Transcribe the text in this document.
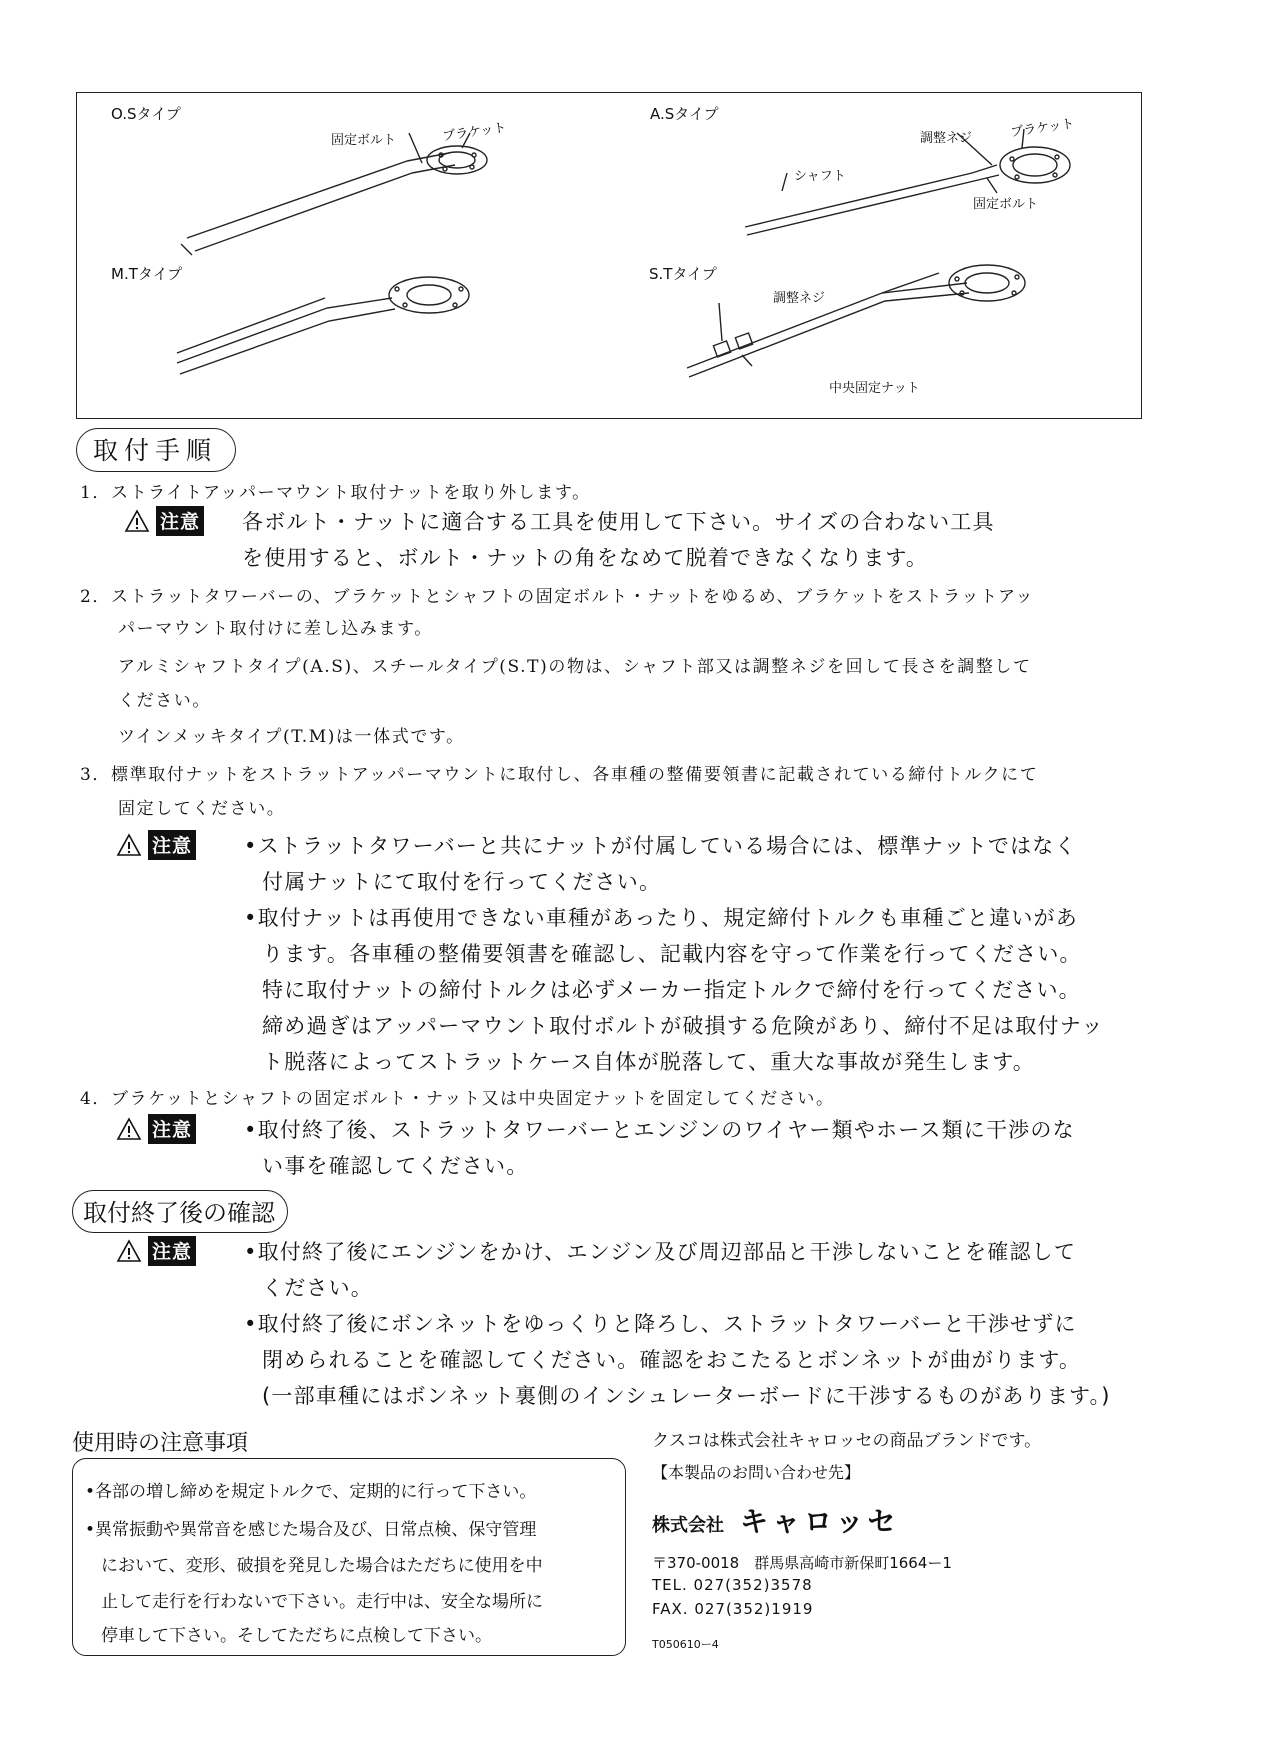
O.Sタイプ
固定ボルト	ブラケット
A.Sタイプ
調整ネジ	ブラケット
シャフト
固定ボルト
M.Tタイプ	S.Tタイプ
調整ネジ
中央固定ナット
取付手順
1．ストライトアッパーマウント取付ナットを取り外します。
注意 各ボルト・ナットに適合する工具を使用して下さい。サイズの合わない工具
を使用すると、ボルト・ナットの角をなめて脱着できなくなります。
2．ストラットタワーバーの、ブラケットとシャフトの固定ボルト・ナットをゆるめ、ブラケットをストラットアッ
パーマウント取付けに差し込みます。
アルミシャフトタイプ(A.S)、スチールタイプ(S.T)の物は、シャフト部又は調整ネジを回して長さを調整して
ください。
ツインメッキタイプ(T.M)は一体式です。
3．標準取付ナットをストラットアッパーマウントに取付し、各車種の整備要領書に記載されている締付トルクにて
固定してください。
注意 •ストラットタワーバーと共にナットが付属している場合には、標準ナットではなく
付属ナットにて取付を行ってください。
•取付ナットは再使用できない車種があったり、規定締付トルクも車種ごと違いがあ
ります。各車種の整備要領書を確認し、記載内容を守って作業を行ってください。
特に取付ナットの締付トルクは必ずメーカー指定トルクで締付を行ってください。
締め過ぎはアッパーマウント取付ボルトが破損する危険があり、締付不足は取付ナッ
ト脱落によってストラットケース自体が脱落して、重大な事故が発生します。
4．ブラケットとシャフトの固定ボルト・ナット又は中央固定ナットを固定してください。
注意 •取付終了後、ストラットタワーバーとエンジンのワイヤー類やホース類に干渉のな
い事を確認してください。
取付終了後の確認
注意 •取付終了後にエンジンをかけ、エンジン及び周辺部品と干渉しないことを確認して
ください。
•取付終了後にボンネットをゆっくりと降ろし、ストラットタワーバーと干渉せずに
閉められることを確認してください。確認をおこたるとボンネットが曲がります。
(一部車種にはボンネット裏側のインシュレーターボードに干渉するものがあります。)
使用時の注意事項
•各部の増し締めを規定トルクで、定期的に行って下さい。
•異常振動や異常音を感じた場合及び、日常点検、保守管理
において、変形、破損を発見した場合はただちに使用を中
止して走行を行わないで下さい。走行中は、安全な場所に
停車して下さい。そしてただちに点検して下さい。
クスコは株式会社キャロッセの商品ブランドです。
【本製品のお問い合わせ先】
株式会社 キャロッセ
〒370-0018　群馬県高崎市新保町1664ー1
TEL. 027(352)3578
FAX. 027(352)1919
T050610ー4
